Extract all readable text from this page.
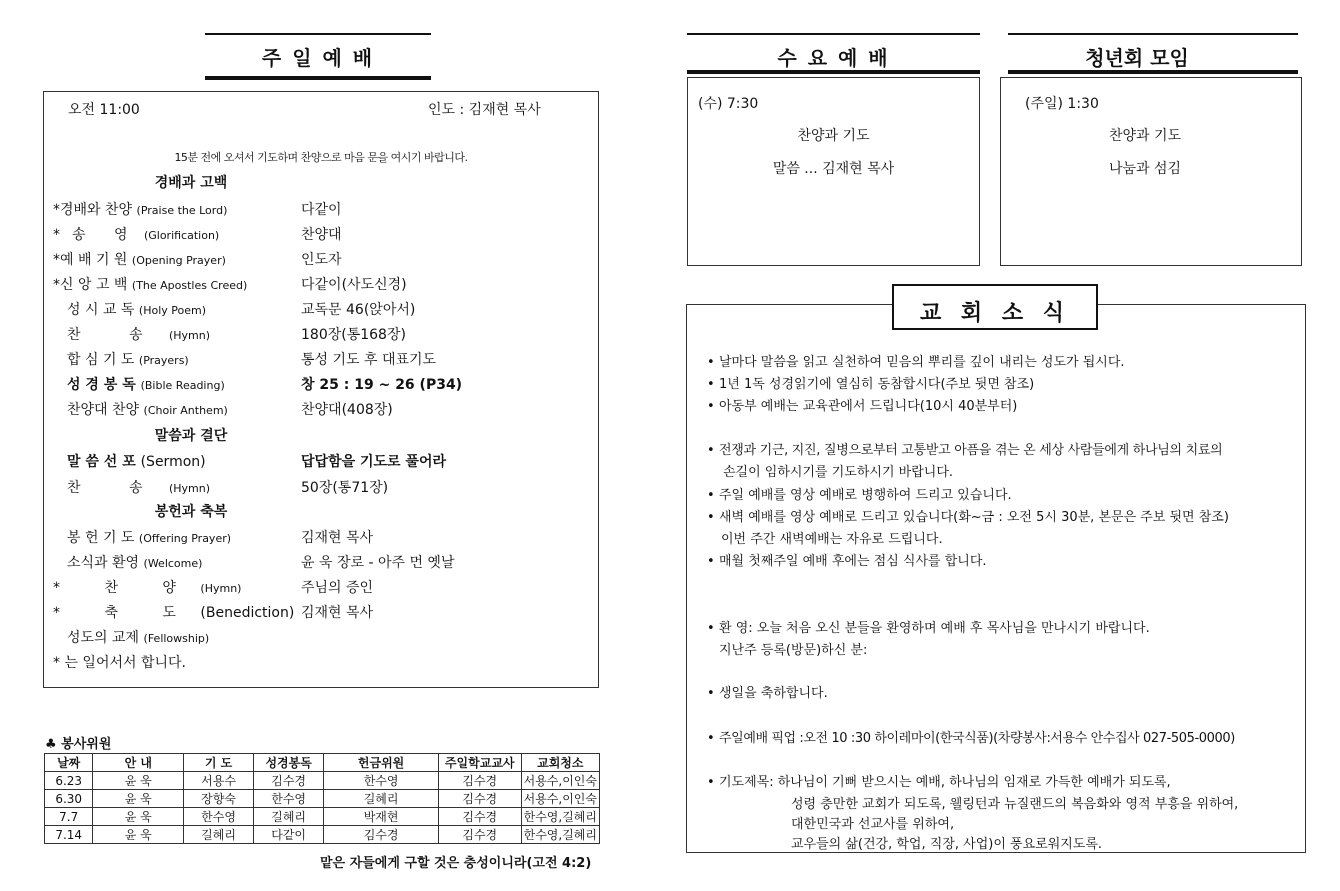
주 일 예 배
오전 11:00	인도 : 김재현 목사
15분 전에 오셔서 기도하며 찬양으로 마음 문을 여시기 바랍니다.
경배과 고백
*경배와 찬양 (Praise the Lord)	다같이
*송 영 (Glorification)	찬양대
*예 배 기 원 (Opening Prayer)	인도자
*신 앙 고 백 (The Apostles Creed)	다같이(사도신경)
성 시 교 독 (Holy Poem)	교독문 46(앉아서)
찬 송 (Hymn)	180장(통168장)
합 심 기 도 (Prayers)	통성 기도 후 대표기도
성 경 봉 독 (Bible Reading)	창 25 : 19 ~ 26 (P34)
찬양대 찬양 (Choir Anthem)	찬양대(408장)
말씀과 결단
말 씀 선 포 (Sermon)	답답함을 기도로 풀어라
찬 송 (Hymn)	50장(통71장)
봉헌과 축복
봉 헌 기 도 (Offering Prayer)	김재현 목사
소식과 환영 (Welcome)	윤 욱 장로 - 아주 먼 옛날
* 찬 양 (Hymn)	주님의 증인
* 축 도 (Benediction) 김재현 목사
성도의 교제 (Fellowship)
* 는 일어서서 합니다.
♣ 봉사위원
날짜	안 내	기 도	성경봉독	헌금위원	주일학교교사	교회청소
6.23	윤 욱	서용수	김수경	한수영	김수경	서용수,이인숙
6.30	윤 욱	장향숙	한수영	길혜리	김수경	서용수,이인숙
7.7	윤 욱	한수영	길혜리	박재현	김수경	한수영,길혜리
7.14	윤 욱	길혜리	다같이	김수경	김수경	한수영,길혜리
맡은 자들에게 구할 것은 충성이니라(고전 4:2)
수 요 예 배
(수) 7:30
찬양과 기도
말씀 ... 김재현 목사
청년회 모임
(주일) 1:30
찬양과 기도
나눔과 섬김
• 날마다 말씀을 읽고 실천하여 믿음의 뿌리를 깊이 내리는 성도가 됩시다.
• 1년 1독 성경읽기에 열심히 동참합시다(주보 뒷면 참조)
• 아동부 예배는 교육관에서 드립니다(10시 40분부터)
• 전쟁과 기근, 지진, 질병으로부터 고통받고 아픔을 겪는 온 세상 사람들에게 하나님의 치료의
손길이 임하시기를 기도하시기 바랍니다.
• 주일 예배를 영상 예배로 병행하여 드리고 있습니다.
• 새벽 예배를 영상 예배로 드리고 있습니다(화~금 : 오전 5시 30분, 본문은 주보 뒷면 참조)
이번 주간 새벽예배는 자유로 드립니다.
• 매월 첫째주일 예배 후에는 점심 식사를 합니다.
• 환 영: 오늘 처음 오신 분들을 환영하며 예배 후 목사님을 만나시기 바랍니다.
지난주 등록(방문)하신 분:
• 생일을 축하합니다.
• 주일예배 픽업 :오전 10 :30 하이레마이(한국식품)(차량봉사:서용수 안수집사 027-505-0000)
• 기도제목: 하나님이 기뻐 받으시는 예배, 하나님의 임재로 가득한 예배가 되도록,
성령 충만한 교회가 되도록, 웰링턴과 뉴질랜드의 복음화와 영적 부흥을 위하여,
대한민국과 선교사를 위하여,
교우들의 삶(건강, 학업, 직장, 사업)이 풍요로워지도록.
교 회 소 식
